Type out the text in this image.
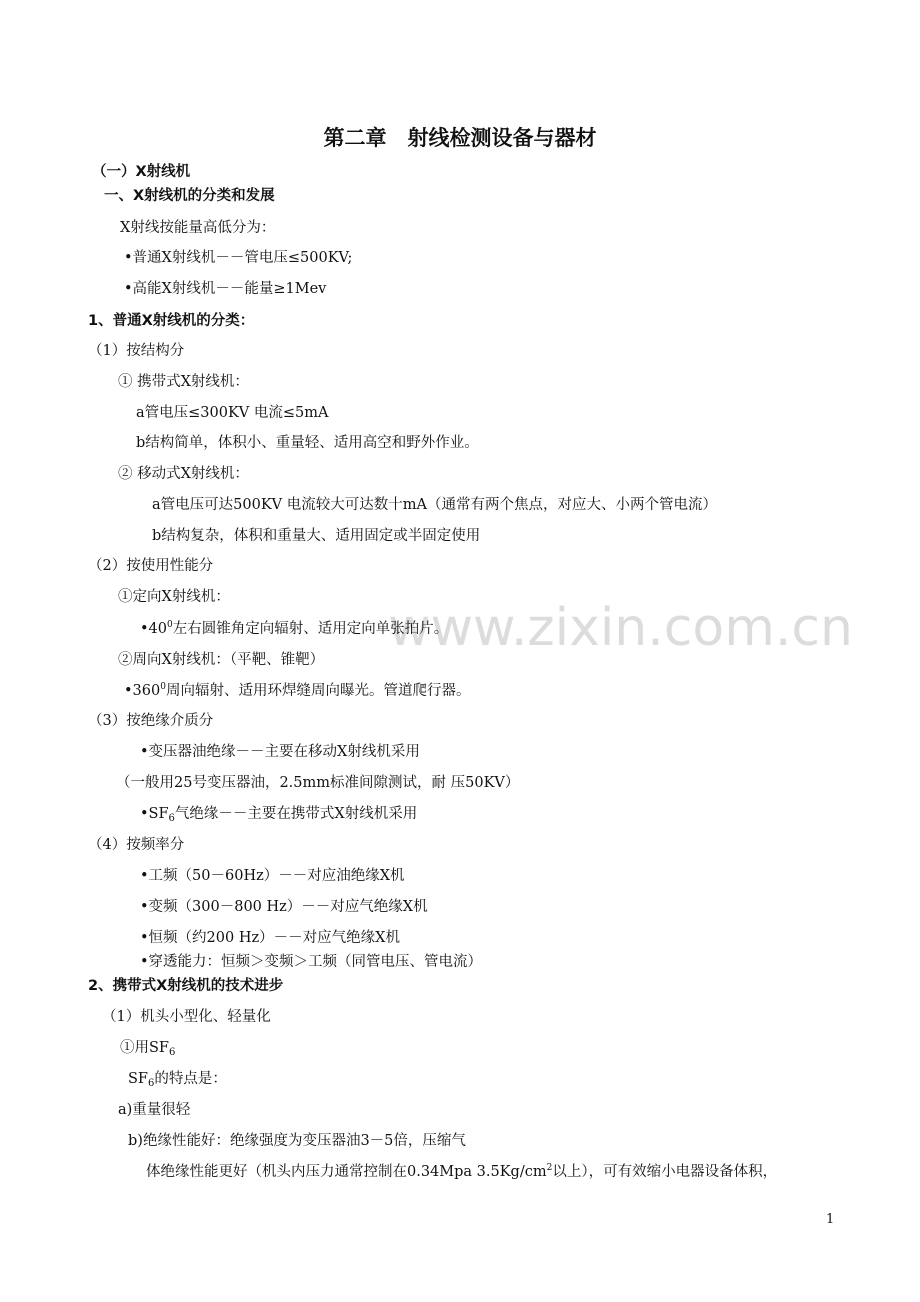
www.zixin.com.cn
第二章　射线检测设备与器材
（一）X射线机
一、X射线机的分类和发展
X射线按能量高低分为：
•普通X射线机－－管电压≤500KV;
•高能X射线机－－能量≥1Mev
1、普通X射线机的分类：
（1）按结构分
① 携带式X射线机：
a管电压≤300KV 电流≤5mA
b结构简单，体积小、重量轻、适用高空和野外作业。
② 移动式X射线机：
a管电压可达500KV 电流较大可达数十mA（通常有两个焦点，对应大、小两个管电流）
b结构复杂，体积和重量大、适用固定或半固定使用
（2）按使用性能分
①定向X射线机：
$•40^0$左右圆锥角定向辐射、适用定向单张拍片。
②周向X射线机：（平靶、锥靶）
$•360^0$周向辐射、适用环焊缝周向曝光。管道爬行器。
（3）按绝缘介质分
•变压器油绝缘－－主要在移动X射线机采用
（一般用25号变压器油，2.5mm标准间隙测试，耐 压50KV）
$•SF_6$气绝缘－－主要在携带式X射线机采用
（4）按频率分
•工频（50－60Hz）－－对应油绝缘X机
•变频（300－800 Hz）－－对应气绝缘X机
•恒频（约200 Hz）－－对应气绝缘X机
•穿透能力：恒频＞变频＞工频（同管电压、管电流）
2、携带式X射线机的技术进步
（1）机头小型化、轻量化
①用$SF_6$
$SF_6$的特点是：
a)重量很轻
b)绝缘性能好：绝缘强度为变压器油3－5倍，压缩气
体绝缘性能更好（机头内压力通常控制在0.34Mpa $3.5Kg/cm^2$以上），可有效缩小电器设备体积，
1
